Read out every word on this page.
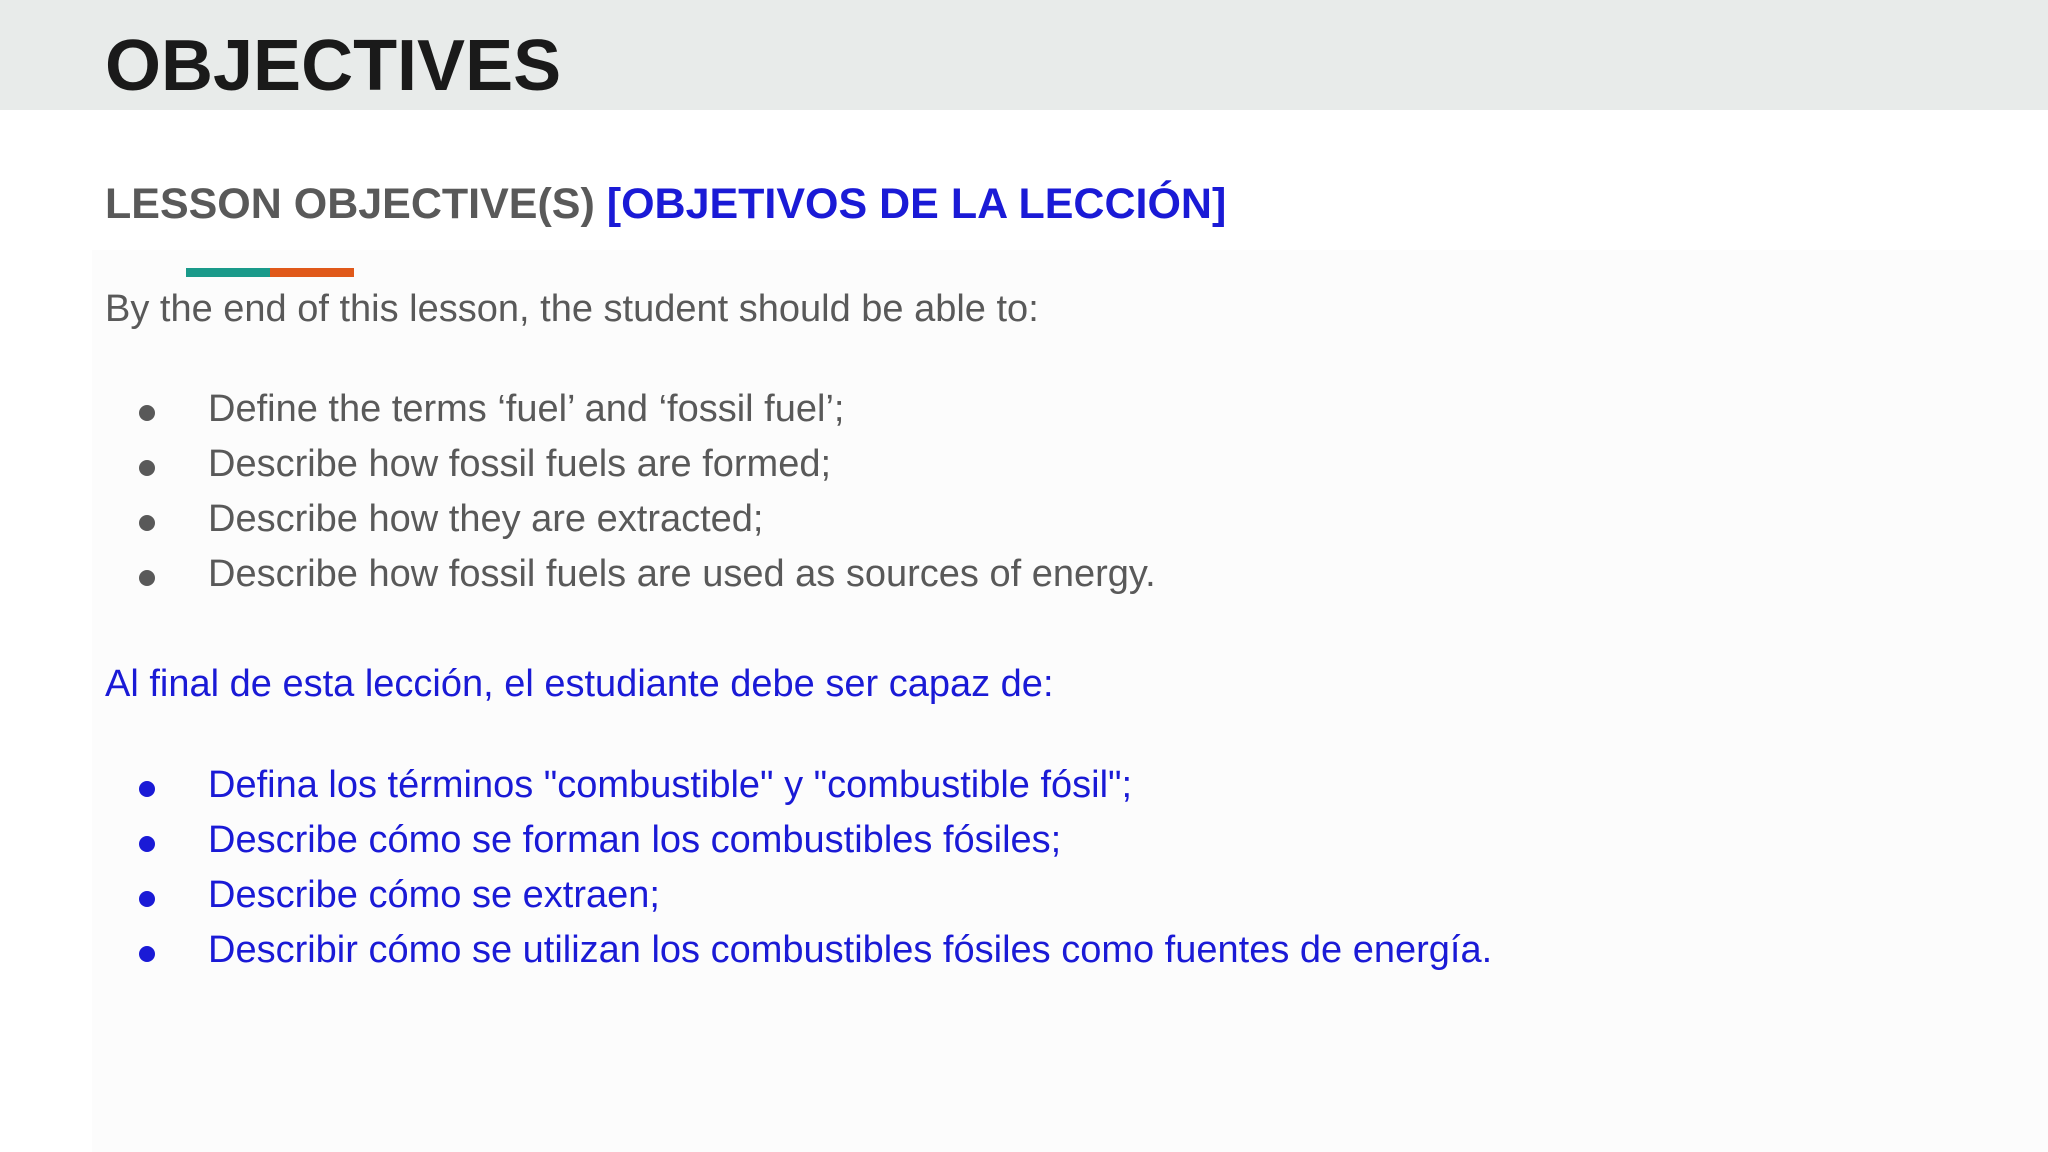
OBJECTIVES
LESSON OBJECTIVE(S) [OBJETIVOS DE LA LECCIÓN]

By the end of this lesson, the student should be able to:

Define the terms ‘fuel’ and ‘fossil fuel’;
Describe how fossil fuels are formed;
Describe how they are extracted;
Describe how fossil fuels are used as sources of energy.

Al final de esta lección, el estudiante debe ser capaz de:

Defina los términos "combustible" y "combustible fósil";
Describe cómo se forman los combustibles fósiles;
Describe cómo se extraen;
Describir cómo se utilizan los combustibles fósiles como fuentes de energía.
